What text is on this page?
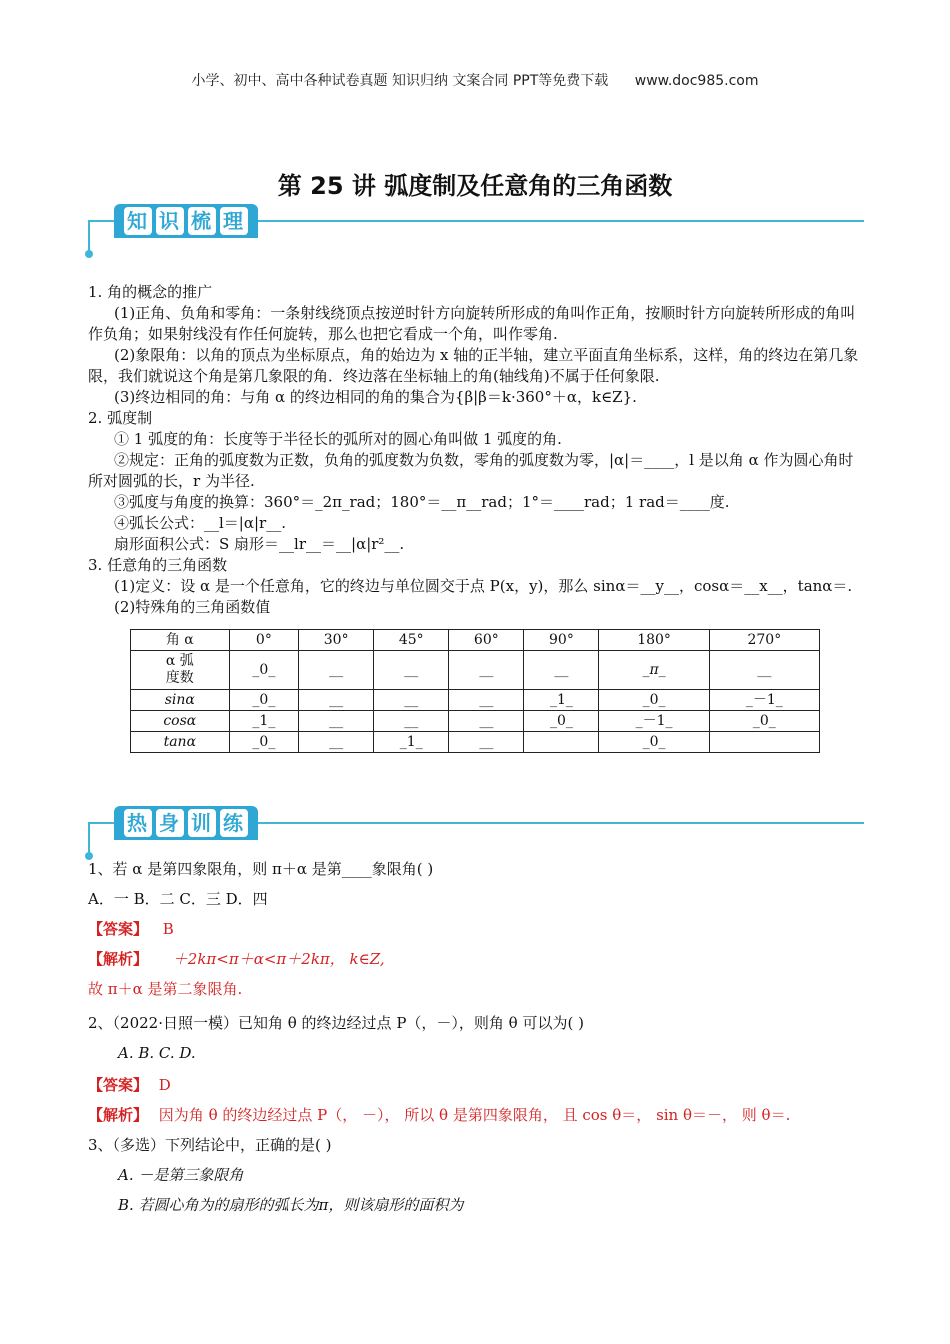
小学、初中、高中各种试卷真题 知识归纳 文案合同 PPT等免费下载 www.doc985.com
第 25 讲 弧度制及任意角的三角函数
知 识 梳 理

1. 角的概念的推广

(1)正角、负角和零角：一条射线绕顶点按逆时针方向旋转所形成的角叫作正角，按顺时针方向旋转所形成的角叫作负角；如果射线没有作任何旋转，那么也把它看成一个角，叫作零角.

(2)象限角：以角的顶点为坐标原点，角的始边为 x 轴的正半轴，建立平面直角坐标系，这样，角的终边在第几象限，我们就说这个角是第几象限的角．终边落在坐标轴上的角(轴线角)不属于任何象限.

(3)终边相同的角：与角 α 的终边相同的角的集合为{β|β＝k·360°＋α，k∈Z}.

2. 弧度制

① 1 弧度的角：长度等于半径长的弧所对的圆心角叫做 1 弧度的角.

②规定：正角的弧度数为正数，负角的弧度数为负数，零角的弧度数为零，|α|＝____，l 是以角 α 作为圆心角时所对圆弧的长，r 为半径.

③弧度与角度的换算：360°＝_2π_rad；180°＝__π__rad；1°＝____rad；1 rad＝____度.

④弧长公式：__l＝|α|r__.

扇形面积公式：S 扇形＝__lr__＝__|α|r²__.

3. 任意角的三角函数

(1)定义：设 α 是一个任意角，它的终边与单位圆交于点 P(x，y)，那么 sinα＝__y__，cosα＝__x__，tanα＝.

(2)特殊角的三角函数值

角 α	0°	30°	45°	60°	90°	180°	270°
α 弧
度数	_0_	__	__	__	__	_π_	__
sinα	_0_	__	__	__	_1_	_0_	_－1_
cosα	_1_	__	__	__	_0_	_－1_	_0_
tanα	_0_	__	_1_	__		_0_	
热 身 训 练
1、若 α 是第四象限角，则 π＋α 是第____象限角( )
A．一 B．二 C．三 D．四
【答案】 B
【解析】 ＋2kπ<π＋α<π＋2kπ， k∈Z,
故 π＋α 是第二象限角.
2、（2022·日照一模）已知角 θ 的终边经过点 P（，－），则角 θ 可以为( )
A. B. C. D.
【答案】 D
【解析】 因为角 θ 的终边经过点 P（， －）， 所以 θ 是第四象限角， 且 cos θ＝， sin θ＝－， 则 θ＝.
3、（多选）下列结论中，正确的是( )
A. －是第三象限角
B. 若圆心角为的扇形的弧长为π，则该扇形的面积为
